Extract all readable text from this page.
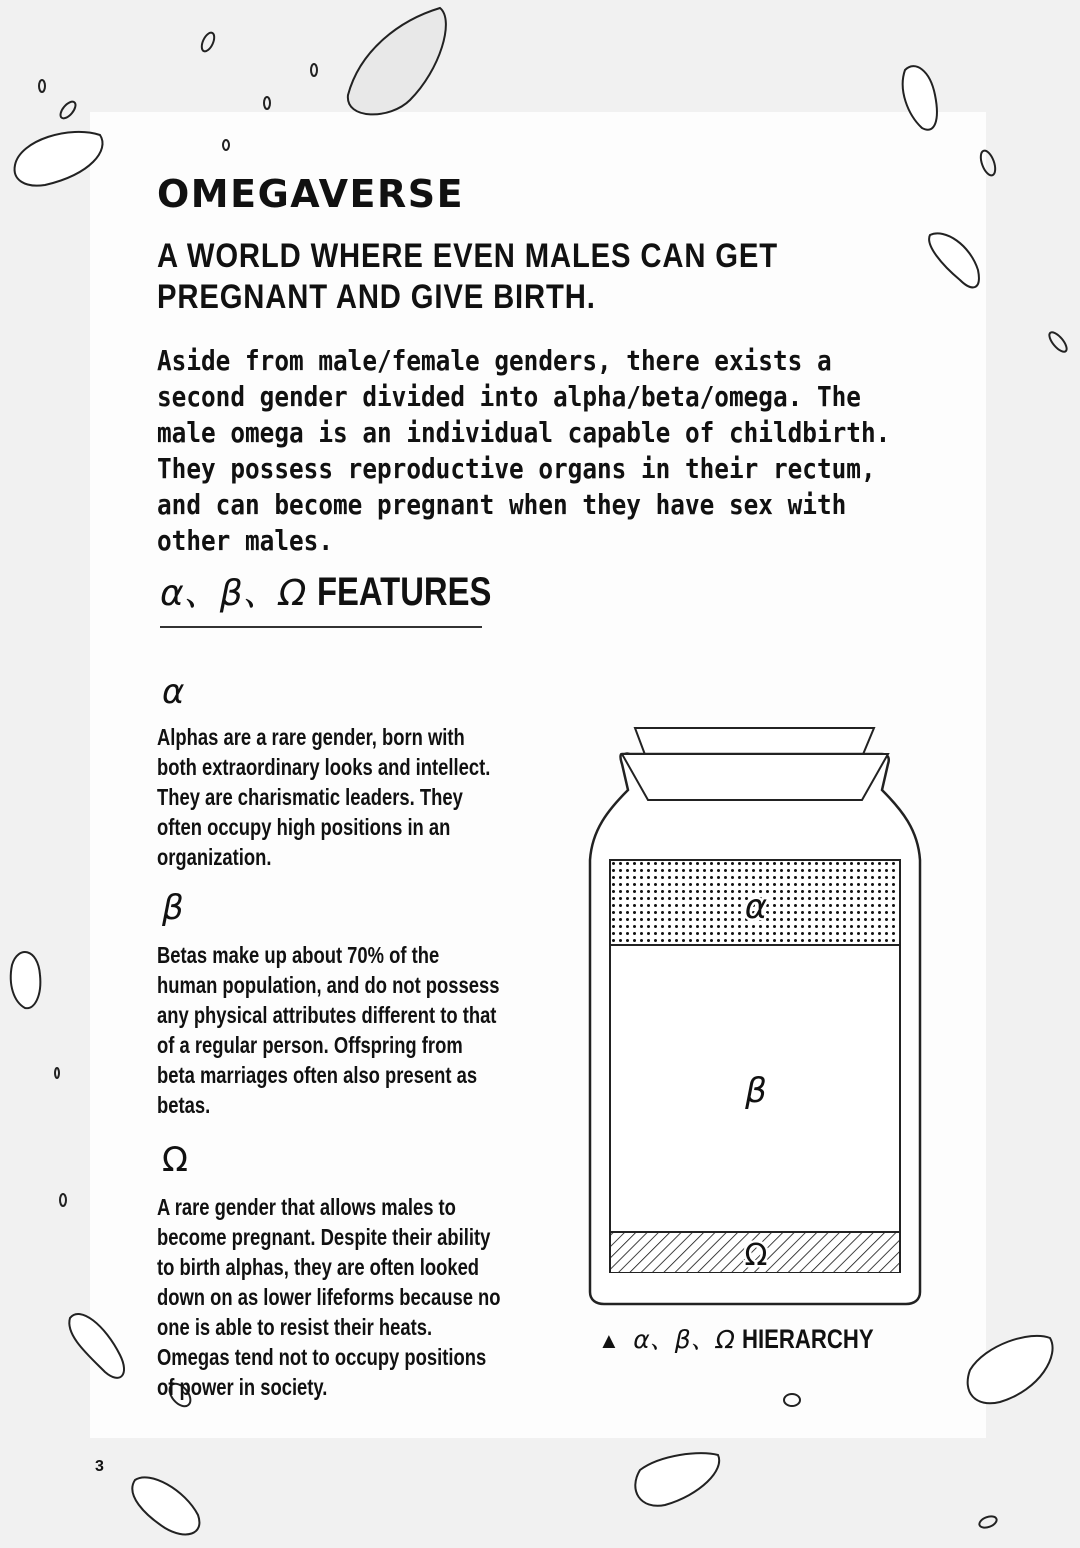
OMEGAVERSE
A WORLD WHERE EVEN MALES CAN GET PREGNANT AND GIVE BIRTH.

Aside from male/female genders, there exists a second gender divided into alpha/beta/omega. The male omega is an individual capable of childbirth. They possess reproductive organs in their rectum, and can become pregnant when they have sex with other males.

α、β、Ω FEATURES
α

Alphas are a rare gender, born with both extraordinary looks and intellect. They are charismatic leaders. They often occupy high positions in an organization.

β

Betas make up about 70% of the human population, and do not possess any physical attributes different to that of a regular person. Offspring from beta marriages often also present as betas.

Ω

A rare gender that allows males to become pregnant. Despite their ability to birth alphas, they are often looked down on as lower lifeforms because no one is able to resist their heats. Omegas tend not to occupy positions of power in society.

α
β
Ω
▲ α、β、Ω HIERARCHY
3
